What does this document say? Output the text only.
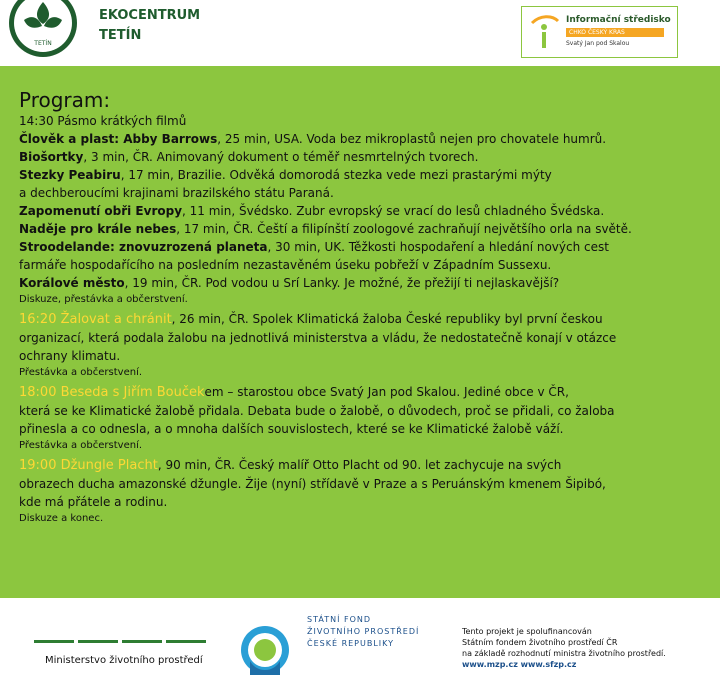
TETÍN
EKOCENTRUM
TETÍN
Informační středisko
CHKO ČESKÝ KRAS
Svatý Jan pod Skalou
Program:
14:30 Pásmo krátkých filmů

Člověk a plast: Abby Barrows, 25 min, USA. Voda bez mikroplastů nejen pro chovatele humrů.

Biošortky, 3 min, ČR. Animovaný dokument o téměř nesmrtelných tvorech.

Stezky Peabiru, 17 min, Brazilie. Odvěká domorodá stezka vede mezi prastarými mýty

a dechberoucími krajinami brazilského státu Paraná.

Zapomenutí obři Evropy, 11 min, Švédsko. Zubr evropský se vrací do lesů chladného Švédska.

Naděje pro krále nebes, 17 min, ČR. Čeští a filipínští zoologové zachraňují největšího orla na světě.

Stroodelande: znovuzrozená planeta, 30 min, UK. Těžkosti hospodaření a hledání nových cest

farmáře hospodařícího na posledním nezastavěném úseku pobřeží v Západním Sussexu.

Korálové město, 19 min, ČR. Pod vodou u Srí Lanky. Je možné, že přežijí ti nejlaskavější?

Diskuze, přestávka a občerstvení.

16:20 Žalovat a chránit, 26 min, ČR. Spolek Klimatická žaloba České republiky byl první českou

organizací, která podala žalobu na jednotlivá ministerstva a vládu, že nedostatečně konají v otázce

ochrany klimatu.

Přestávka a občerstvení.

18:00 Beseda s Jiřím Boučekem – starostou obce Svatý Jan pod Skalou. Jediné obce v ČR,

která se ke Klimatické žalobě přidala. Debata bude o žalobě, o důvodech, proč se přidali, co žaloba

přinesla a co odnesla, a o mnoha dalších souvislostech, které se ke Klimatické žalobě váží.

Přestávka a občerstvení.

19:00 Džungle Placht, 90 min, ČR. Český malíř Otto Placht od 90. let zachycuje na svých

obrazech ducha amazonské džungle. Žije (nyní) střídavě v Praze a s Peruánským kmenem Šipibó,

kde má přátele a rodinu.

Diskuze a konec.

Ministerstvo životního prostředí
STÁTNÍ FOND
ŽIVOTNÍHO PROSTŘEDÍ
ČESKÉ REPUBLIKY
Tento projekt je spolufinancován
Státním fondem životního prostředí ČR
na základě rozhodnutí ministra životního prostředí.
www.mzp.cz www.sfzp.cz
